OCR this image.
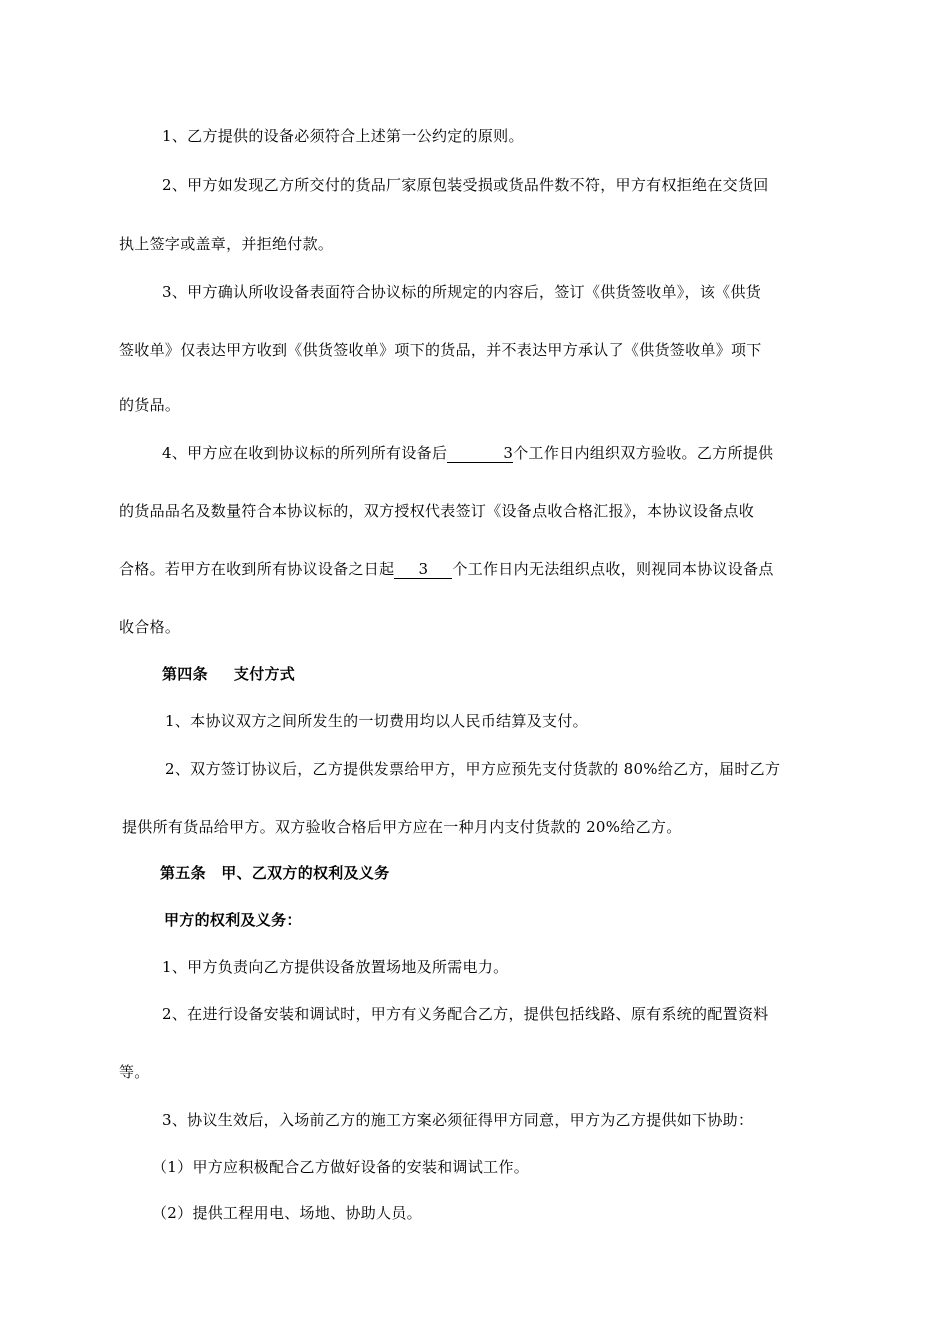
1、乙方提供的设备必须符合上述第一公约定的原则。
2、甲方如发现乙方所交付的货品厂家原包装受损或货品件数不符，甲方有权拒绝在交货回
执上签字或盖章，并拒绝付款。
3、甲方确认所收设备表面符合协议标的所规定的内容后，签订《供货签收单》，该《供货
签收单》仅表达甲方收到《供货签收单》项下的货品，并不表达甲方承认了《供货签收单》项下
的货品。
4、甲方应在收到协议标的所列所有设备后	3个工作日内组织双方验收。乙方所提供
的货品品名及数量符合本协议标的，双方授权代表签订《设备点收合格汇报》，本协议设备点收
合格。若甲方在收到所有协议设备之日起 3 个工作日内无法组织点收，则视同本协议设备点
收合格。
第四条 支付方式
1、本协议双方之间所发生的一切费用均以人民币结算及支付。
2、双方签订协议后，乙方提供发票给甲方，甲方应预先支付货款的 80%给乙方，届时乙方
提供所有货品给甲方。双方验收合格后甲方应在一种月内支付货款的 20%给乙方。
第五条　甲、乙双方的权利及义务
甲方的权利及义务：
1、甲方负责向乙方提供设备放置场地及所需电力。
2、在进行设备安装和调试时，甲方有义务配合乙方，提供包括线路、原有系统的配置资料
等。
3、协议生效后，入场前乙方的施工方案必须征得甲方同意，甲方为乙方提供如下协助：
（1）甲方应积极配合乙方做好设备的安装和调试工作。
（2）提供工程用电、场地、协助人员。
